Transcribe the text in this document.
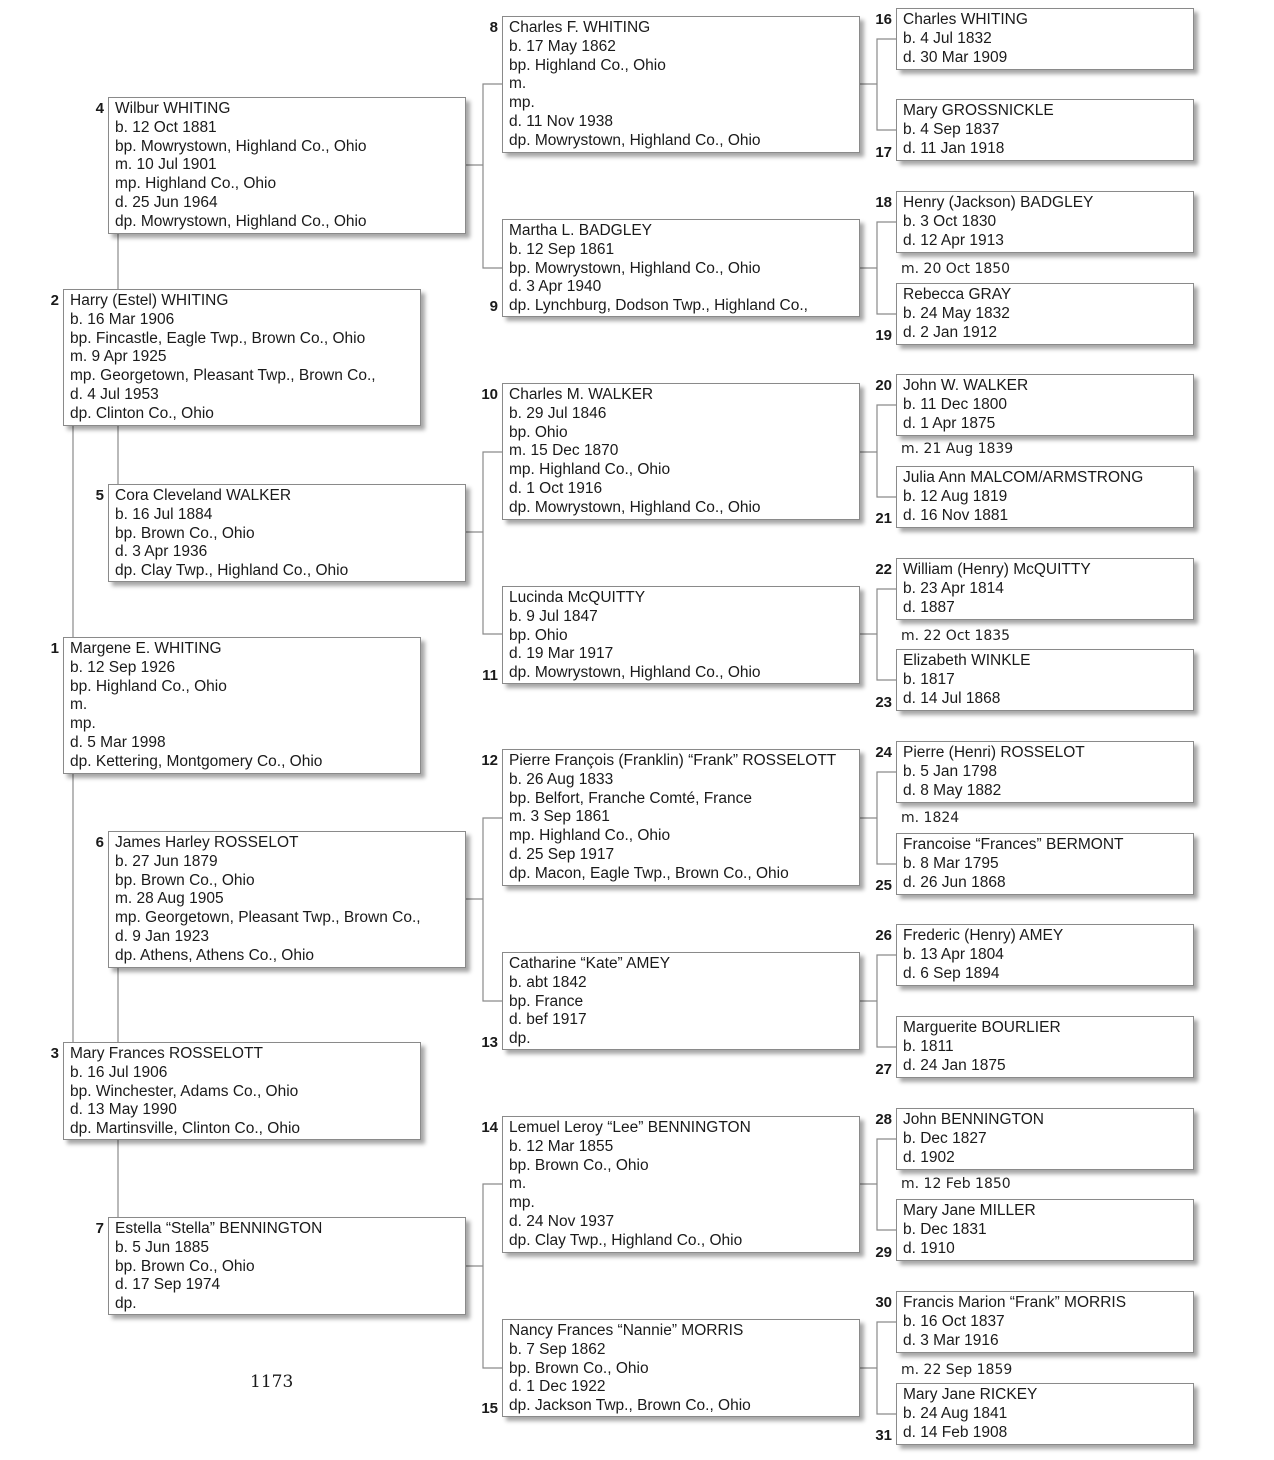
Margene E. WHITING
b. 12 Sep 1926
bp. Highland Co., Ohio
m.
mp.
d. 5 Mar 1998
dp. Kettering, Montgomery Co., Ohio
1
Harry (Estel) WHITING
b. 16 Mar 1906
bp. Fincastle, Eagle Twp., Brown Co., Ohio
m. 9 Apr 1925
mp. Georgetown, Pleasant Twp., Brown Co.,
d. 4 Jul 1953
dp. Clinton Co., Ohio
2
Mary Frances ROSSELOTT
b. 16 Jul 1906
bp. Winchester, Adams Co., Ohio
d. 13 May 1990
dp. Martinsville, Clinton Co., Ohio
3
Wilbur WHITING
b. 12 Oct 1881
bp. Mowrystown, Highland Co., Ohio
m. 10 Jul 1901
mp. Highland Co., Ohio
d. 25 Jun 1964
dp. Mowrystown, Highland Co., Ohio
4
Cora Cleveland WALKER
b. 16 Jul 1884
bp. Brown Co., Ohio
d. 3 Apr 1936
dp. Clay Twp., Highland Co., Ohio
5
James Harley ROSSELOT
b. 27 Jun 1879
bp. Brown Co., Ohio
m. 28 Aug 1905
mp. Georgetown, Pleasant Twp., Brown Co.,
d. 9 Jan 1923
dp. Athens, Athens Co., Ohio
6
Estella “Stella” BENNINGTON
b. 5 Jun 1885
bp. Brown Co., Ohio
d. 17 Sep 1974
dp.
7
Charles F. WHITING
b. 17 May 1862
bp. Highland Co., Ohio
m.
mp.
d. 11 Nov 1938
dp. Mowrystown, Highland Co., Ohio
8
Martha L. BADGLEY
b. 12 Sep 1861
bp. Mowrystown, Highland Co., Ohio
d. 3 Apr 1940
dp. Lynchburg, Dodson Twp., Highland Co.,
9
Charles M. WALKER
b. 29 Jul 1846
bp. Ohio
m. 15 Dec 1870
mp. Highland Co., Ohio
d. 1 Oct 1916
dp. Mowrystown, Highland Co., Ohio
10
Lucinda McQUITTY
b. 9 Jul 1847
bp. Ohio
d. 19 Mar 1917
dp. Mowrystown, Highland Co., Ohio
11
Pierre François (Franklin) “Frank” ROSSELOTT
b. 26 Aug 1833
bp. Belfort, Franche Comté, France
m. 3 Sep 1861
mp. Highland Co., Ohio
d. 25 Sep 1917
dp. Macon, Eagle Twp., Brown Co., Ohio
12
Catharine “Kate” AMEY
b. abt 1842
bp. France
d. bef 1917
dp.
13
Lemuel Leroy “Lee” BENNINGTON
b. 12 Mar 1855
bp. Brown Co., Ohio
m.
mp.
d. 24 Nov 1937
dp. Clay Twp., Highland Co., Ohio
14
Nancy Frances “Nannie” MORRIS
b. 7 Sep 1862
bp. Brown Co., Ohio
d. 1 Dec 1922
dp. Jackson Twp., Brown Co., Ohio
15
Charles WHITING
b. 4 Jul 1832
d. 30 Mar 1909
16
Mary GROSSNICKLE
b. 4 Sep 1837
d. 11 Jan 1918
17
Henry (Jackson) BADGLEY
b. 3 Oct 1830
d. 12 Apr 1913
18
m. 20 Oct 1850
Rebecca GRAY
b. 24 May 1832
d. 2 Jan 1912
19
John W. WALKER
b. 11 Dec 1800
d. 1 Apr 1875
20
m. 21 Aug 1839
Julia Ann MALCOM/ARMSTRONG
b. 12 Aug 1819
d. 16 Nov 1881
21
William (Henry) McQUITTY
b. 23 Apr 1814
d. 1887
22
m. 22 Oct 1835
Elizabeth WINKLE
b. 1817
d. 14 Jul 1868
23
Pierre (Henri) ROSSELOT
b. 5 Jan 1798
d. 8 May 1882
24
m. 1824
Francoise “Frances” BERMONT
b. 8 Mar 1795
d. 26 Jun 1868
25
Frederic (Henry) AMEY
b. 13 Apr 1804
d. 6 Sep 1894
26
Marguerite BOURLIER
b. 1811
d. 24 Jan 1875
27
John BENNINGTON
b. Dec 1827
d. 1902
28
m. 12 Feb 1850
Mary Jane MILLER
b. Dec 1831
d. 1910
29
Francis Marion “Frank” MORRIS
b. 16 Oct 1837
d. 3 Mar 1916
30
m. 22 Sep 1859
Mary Jane RICKEY
b. 24 Aug 1841
d. 14 Feb 1908
31
1173
